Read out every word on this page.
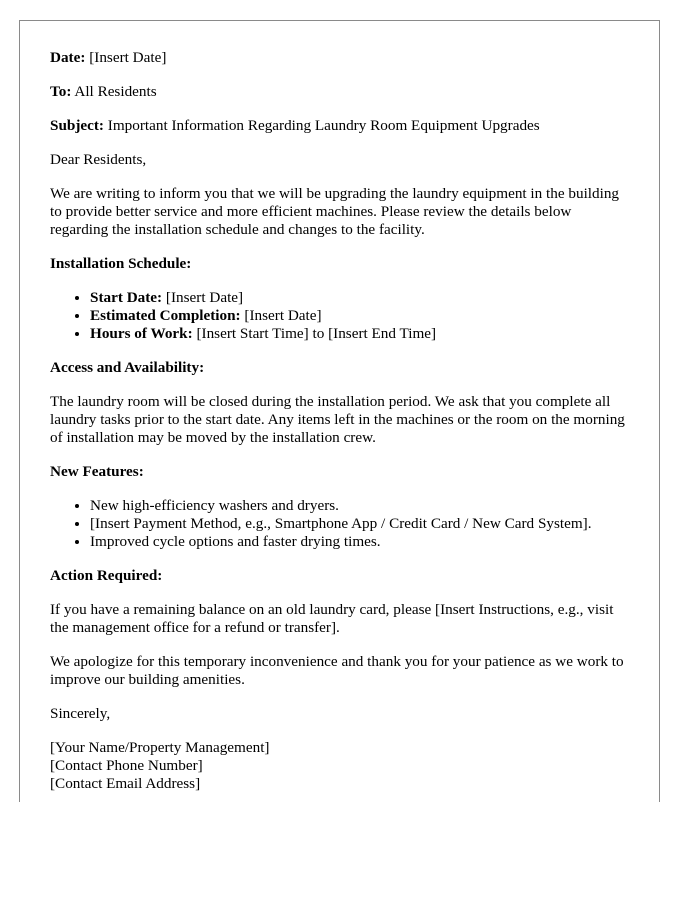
Date: [Insert Date]

To: All Residents

Subject: Important Information Regarding Laundry Room Equipment Upgrades

Dear Residents,

We are writing to inform you that we will be upgrading the laundry equipment in the building to provide better service and more efficient machines. Please review the details below regarding the installation schedule and changes to the facility.

Installation Schedule:
• Start Date: [Insert Date]
• Estimated Completion: [Insert Date]
• Hours of Work: [Insert Start Time] to [Insert End Time]
Access and Availability:

The laundry room will be closed during the installation period. We ask that you complete all laundry tasks prior to the start date. Any items left in the machines or the room on the morning of installation may be moved by the installation crew.

New Features:
• New high-efficiency washers and dryers.
• [Insert Payment Method, e.g., Smartphone App / Credit Card / New Card System].
• Improved cycle options and faster drying times.
Action Required:

If you have a remaining balance on an old laundry card, please [Insert Instructions, e.g., visit the management office for a refund or transfer].

We apologize for this temporary inconvenience and thank you for your patience as we work to improve our building amenities.

Sincerely,

[Your Name/Property Management]
[Contact Phone Number]
[Contact Email Address]
